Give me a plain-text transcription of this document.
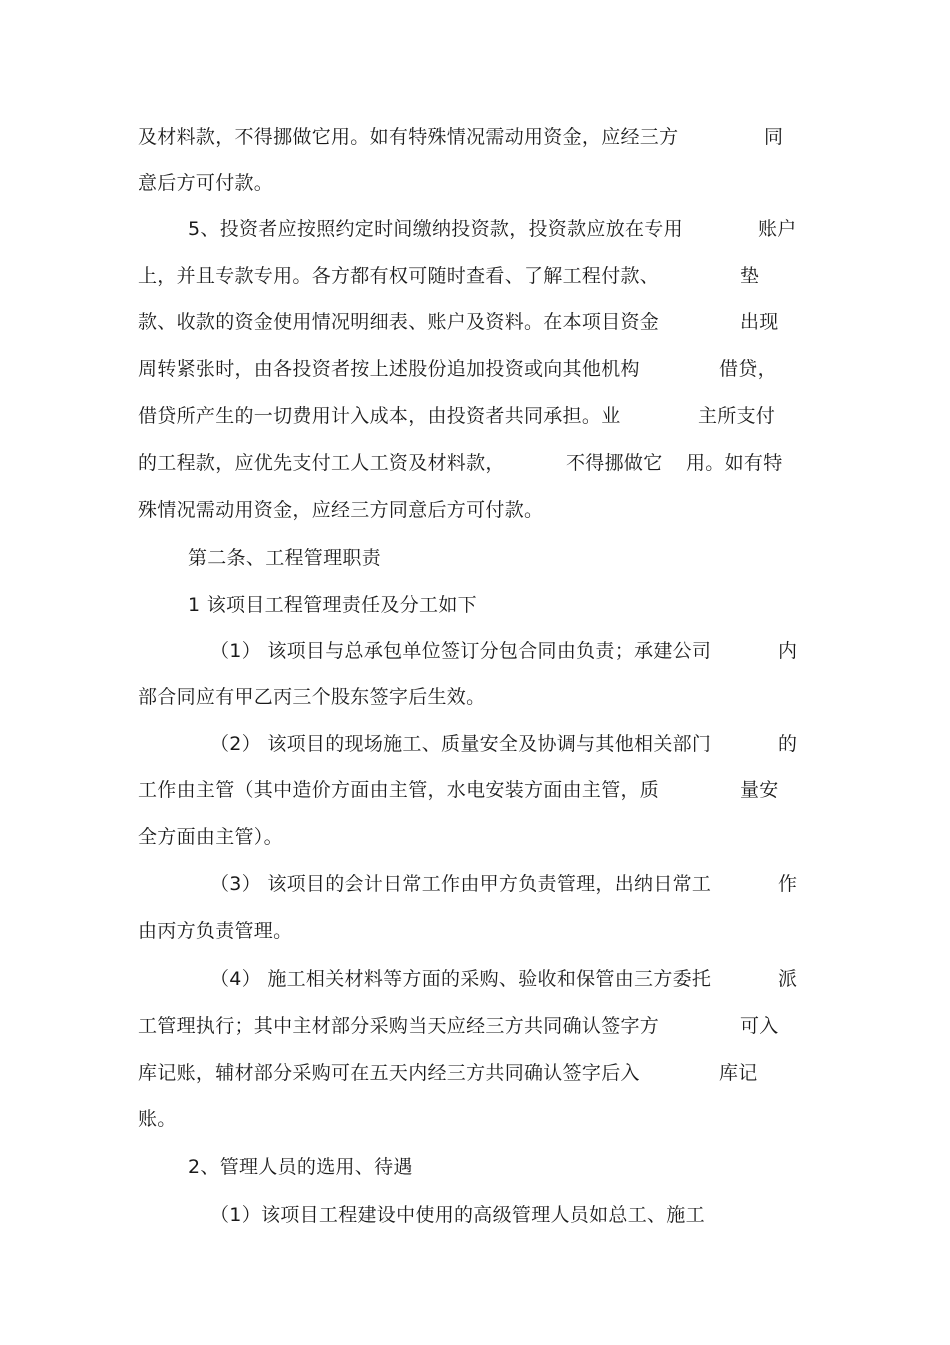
及材料款，不得挪做它用。如有特殊情况需动用资金，应经三方	同
意后方可付款。
5、投资者应按照约定时间缴纳投资款，投资款应放在专用	账户
上，并且专款专用。各方都有权可随时查看、了解工程付款、	垫
款、收款的资金使用情况明细表、账户及资料。在本项目资金	出现
周转紧张时，由各投资者按上述股份追加投资或向其他机构	借贷，
借贷所产生的一切费用计入成本，由投资者共同承担。业	主所支付
的工程款，应优先支付工人工资及材料款，	不得挪做它 用。如有特
殊情况需动用资金，应经三方同意后方可付款。
第二条、工程管理职责
1 该项目工程管理责任及分工如下
（1） 该项目与总承包单位签订分包合同由负责；承建公司	内
部合同应有甲乙丙三个股东签字后生效。
（2） 该项目的现场施工、质量安全及协调与其他相关部门	的
工作由主管（其中造价方面由主管，水电安装方面由主管，质	量安
全方面由主管）。
（3） 该项目的会计日常工作由甲方负责管理，出纳日常工	作
由丙方负责管理。
（4） 施工相关材料等方面的采购、验收和保管由三方委托	派
工管理执行；其中主材部分采购当天应经三方共同确认签字方	可入
库记账，辅材部分采购可在五天内经三方共同确认签字后入	库记
账。
2、管理人员的选用、待遇
（1）该项目工程建设中使用的高级管理人员如总工、施工
